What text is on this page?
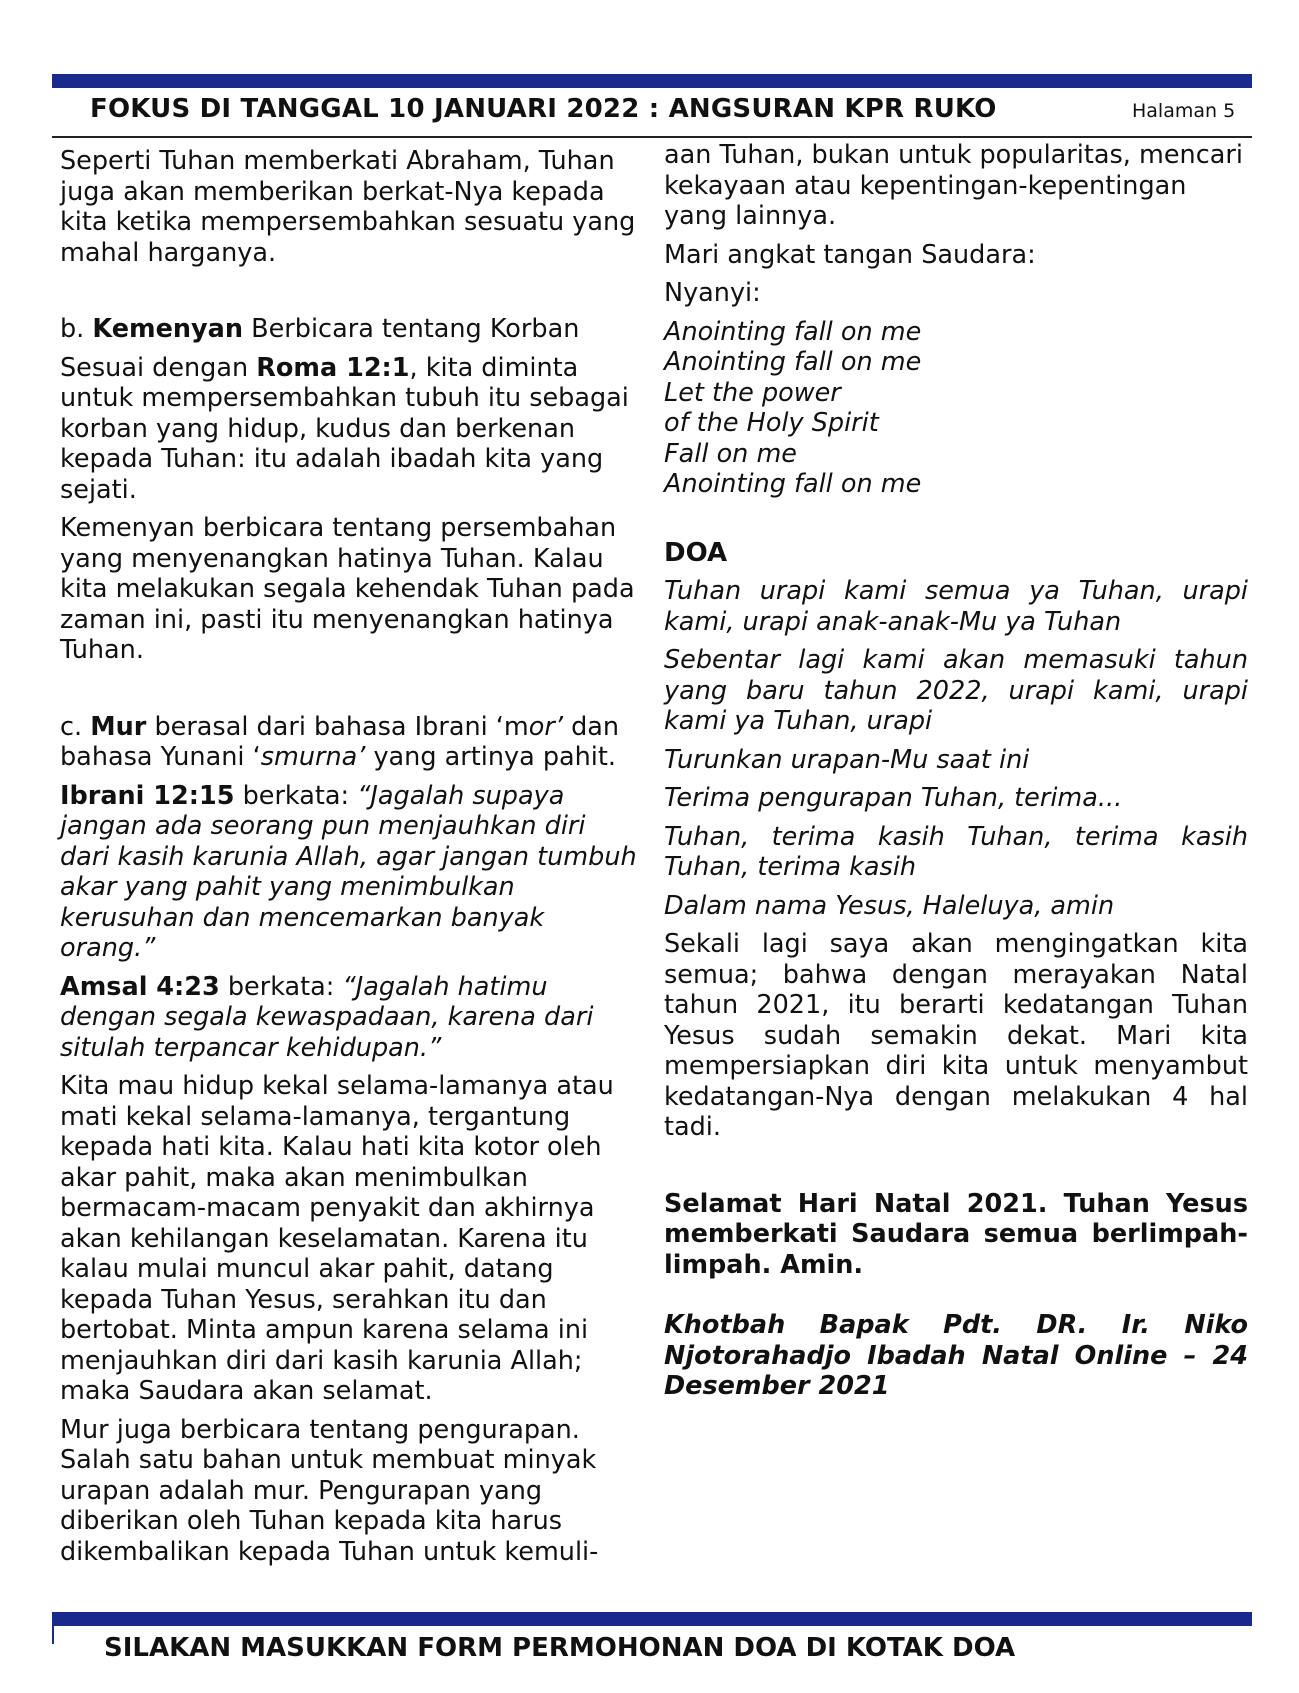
FOKUS DI TANGGAL 10 JANUARI 2022 : ANGSURAN KPR RUKO	Halaman 5

Seperti Tuhan memberkati Abraham, Tuhan juga akan memberikan berkat-Nya kepada kita ketika mempersembahkan sesuatu yang mahal harganya.

b. Kemenyan Berbicara tentang Korban

Sesuai dengan Roma 12:1, kita diminta untuk mempersembahkan tubuh itu sebagai korban yang hidup, kudus dan berkenan kepada Tuhan: itu adalah ibadah kita yang sejati.

Kemenyan berbicara tentang persembahan yang menyenangkan hatinya Tuhan. Kalau kita melakukan segala kehendak Tuhan pada zaman ini, pasti itu menyenangkan hatinya Tuhan.

c. Mur berasal dari bahasa Ibrani ‘mor’ dan bahasa Yunani ‘smurna’ yang artinya pahit.

Ibrani 12:15 berkata: “Jagalah supaya jangan ada seorang pun menjauhkan diri dari kasih karunia Allah, agar jangan tumbuh akar yang pahit yang menimbulkan kerusuhan dan mencemarkan banyak orang.”

Amsal 4:23 berkata: “Jagalah hatimu dengan segala kewaspadaan, karena dari situlah terpancar kehidupan.”

Kita mau hidup kekal selama-lamanya atau mati kekal selama-lamanya, tergantung kepada hati kita. Kalau hati kita kotor oleh akar pahit, maka akan menimbulkan bermacam-macam penyakit dan akhirnya akan kehilangan keselamatan. Karena itu kalau mulai muncul akar pahit, datang kepada Tuhan Yesus, serahkan itu dan bertobat. Minta ampun karena selama ini menjauhkan diri dari kasih karunia Allah; maka Saudara akan selamat.

Mur juga berbicara tentang pengurapan. Salah satu bahan untuk membuat minyak urapan adalah mur. Pengurapan yang diberikan oleh Tuhan kepada kita harus dikembalikan kepada Tuhan untuk kemuli-

aan Tuhan, bukan untuk popularitas, mencari kekayaan atau kepentingan-kepentingan yang lainnya.

Mari angkat tangan Saudara:

Nyanyi:

Anointing fall on me

Anointing fall on me

Let the power

of the Holy Spirit

Fall on me

Anointing fall on me

DOA

Tuhan urapi kami semua ya Tuhan, urapi kami, urapi anak-anak-Mu ya Tuhan

Sebentar lagi kami akan memasuki tahun yang baru tahun 2022, urapi kami, urapi kami ya Tuhan, urapi

Turunkan urapan-Mu saat ini

Terima pengurapan Tuhan, terima...

Tuhan, terima kasih Tuhan, terima kasih Tuhan, terima kasih

Dalam nama Yesus, Haleluya, amin

Sekali lagi saya akan mengingatkan kita semua; bahwa dengan merayakan Natal tahun 2021, itu berarti kedatangan Tuhan Yesus sudah semakin dekat. Mari kita mempersiapkan diri kita untuk menyambut kedatangan-Nya dengan melakukan 4 hal tadi.

Selamat Hari Natal 2021. Tuhan Yesus memberkati Saudara semua berlimpah-limpah. Amin.

Khotbah Bapak Pdt. DR. Ir. Niko Njotorahadjo Ibadah Natal Online – 24 Desember 2021

SILAKAN MASUKKAN FORM PERMOHONAN DOA DI KOTAK DOA
